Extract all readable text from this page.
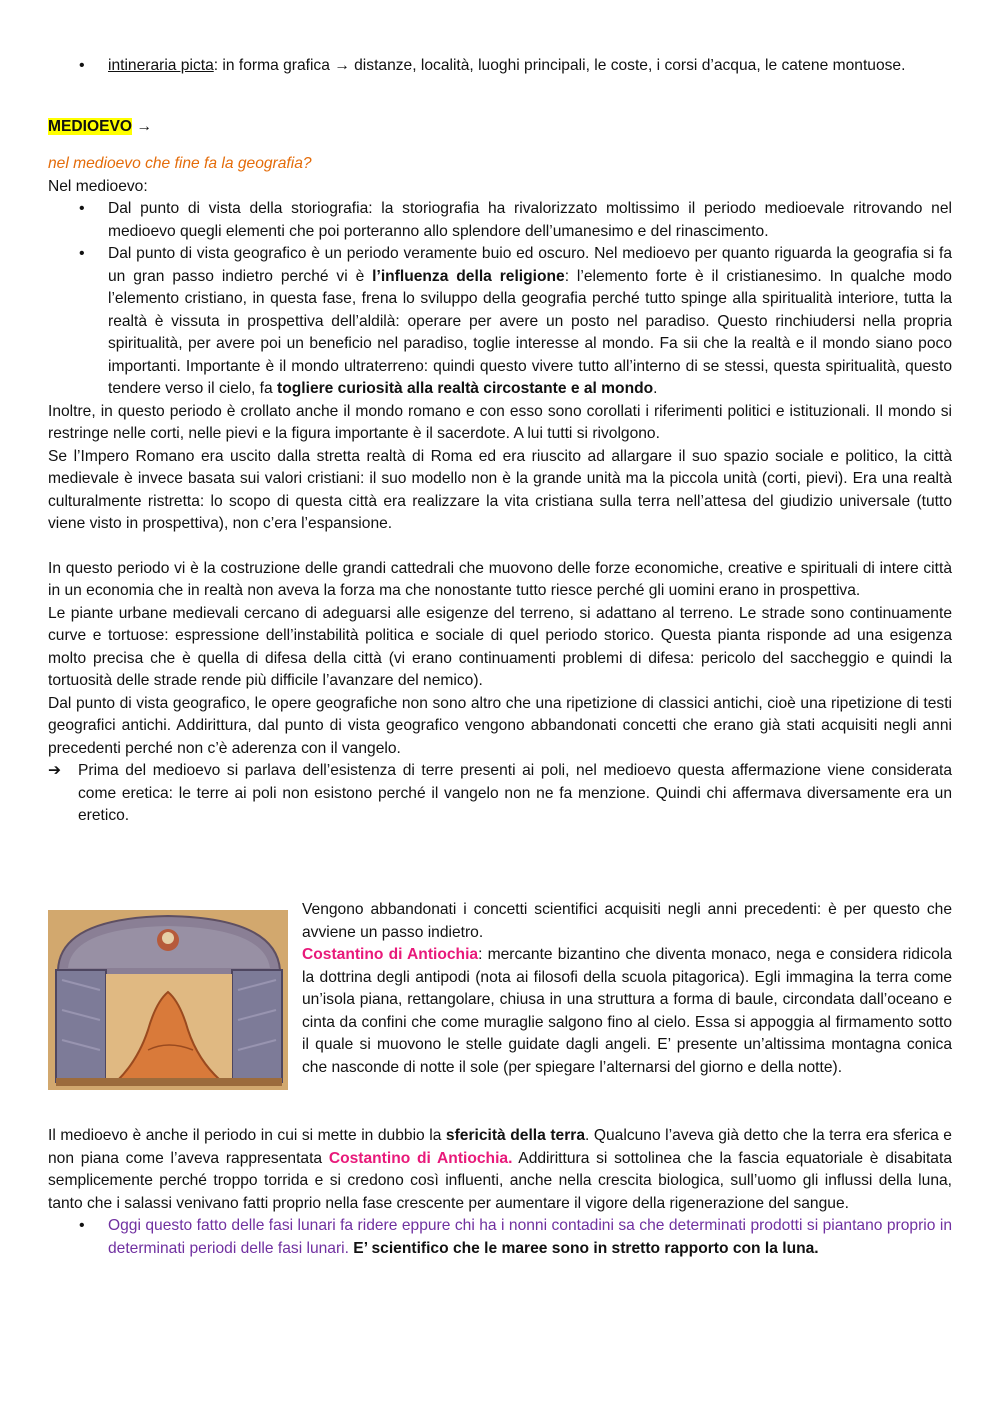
• intineraria picta: in forma grafica → distanze, località, luoghi principali, le coste, i corsi d’acqua, le catene montuose.
MEDIOEVO →

nel medioevo che fine fa la geografia?

Nel medioevo:

• Dal punto di vista della storiografia: la storiografia ha rivalorizzato moltissimo il periodo medioevale ritrovando nel medioevo quegli elementi che poi porteranno allo splendore dell’umanesimo e del rinascimento.
• Dal punto di vista geografico è un periodo veramente buio ed oscuro. Nel medioevo per quanto riguarda la geografia si fa un gran passo indietro perché vi è l’influenza della religione: l’elemento forte è il cristianesimo. In qualche modo l’elemento cristiano, in questa fase, frena lo sviluppo della geografia perché tutto spinge alla spiritualità interiore, tutta la realtà è vissuta in prospettiva dell’aldilà: operare per avere un posto nel paradiso. Questo rinchiudersi nella propria spiritualità, per avere poi un beneficio nel paradiso, toglie interesse al mondo. Fa sii che la realtà e il mondo siano poco importanti. Importante è il mondo ultraterreno: quindi questo vivere tutto all’interno di se stessi, questa spiritualità, questo tendere verso il cielo, fa togliere curiosità alla realtà circostante e al mondo.

Inoltre, in questo periodo è crollato anche il mondo romano e con esso sono corollati i riferimenti politici e istituzionali. Il mondo si restringe nelle corti, nelle pievi e la figura importante è il sacerdote. A lui tutti si rivolgono.

Se l’Impero Romano era uscito dalla stretta realtà di Roma ed era riuscito ad allargare il suo spazio sociale e politico, la città medievale è invece basata sui valori cristiani: il suo modello non è la grande unità ma la piccola unità (corti, pievi). Era una realtà culturalmente ristretta: lo scopo di questa città era realizzare la vita cristiana sulla terra nell’attesa del giudizio universale (tutto viene visto in prospettiva), non c’era l’espansione.

In questo periodo vi è la costruzione delle grandi cattedrali che muovono delle forze economiche, creative e spirituali di intere città in un economia che in realtà non aveva la forza ma che nonostante tutto riesce perché gli uomini erano in prospettiva.

Le piante urbane medievali cercano di adeguarsi alle esigenze del terreno, si adattano al terreno. Le strade sono continuamente curve e tortuose: espressione dell’instabilità politica e sociale di quel periodo storico. Questa pianta risponde ad una esigenza molto precisa che è quella di difesa della città (vi erano continuamenti problemi di difesa: pericolo del saccheggio e quindi la tortuosità delle strade rende più difficile l’avanzare del nemico).

Dal punto di vista geografico, le opere geografiche non sono altro che una ripetizione di classici antichi, cioè una ripetizione di testi geografici antichi. Addirittura, dal punto di vista geografico vengono abbandonati concetti che erano già stati acquisiti negli anni precedenti perché non c’è aderenza con il vangelo.

➔ Prima del medioevo si parlava dell’esistenza di terre presenti ai poli, nel medioevo questa affermazione viene considerata come eretica: le terre ai poli non esistono perché il vangelo non ne fa menzione. Quindi chi affermava diversamente era un eretico.

Vengono abbandonati i concetti scientifici acquisiti negli anni precedenti: è per questo che avviene un passo indietro.

Costantino di Antiochia: mercante bizantino che diventa monaco, nega e considera ridicola la dottrina degli antipodi (nota ai filosofi della scuola pitagorica). Egli immagina la terra come un’isola piana, rettangolare, chiusa in una struttura a forma di baule, circondata dall’oceano e cinta da confini che come muraglie salgono fino al cielo. Essa si appoggia al firmamento sotto il quale si muovono le stelle guidate dagli angeli. E’ presente un’altissima montagna conica che nasconde di notte il sole (per spiegare l’alternarsi del giorno e della notte).

Il medioevo è anche il periodo in cui si mette in dubbio la sfericità della terra. Qualcuno l’aveva già detto che la terra era sferica e non piana come l’aveva rappresentata Costantino di Antiochia. Addirittura si sottolinea che la fascia equatoriale è disabitata semplicemente perché troppo torrida e si credono così influenti, anche nella crescita biologica, sull’uomo gli influssi della luna, tanto che i salassi venivano fatti proprio nella fase crescente per aumentare il vigore della rigenerazione del sangue.

• Oggi questo fatto delle fasi lunari fa ridere eppure chi ha i nonni contadini sa che determinati prodotti si piantano proprio in determinati periodi delle fasi lunari. E’ scientifico che le maree sono in stretto rapporto con la luna.
